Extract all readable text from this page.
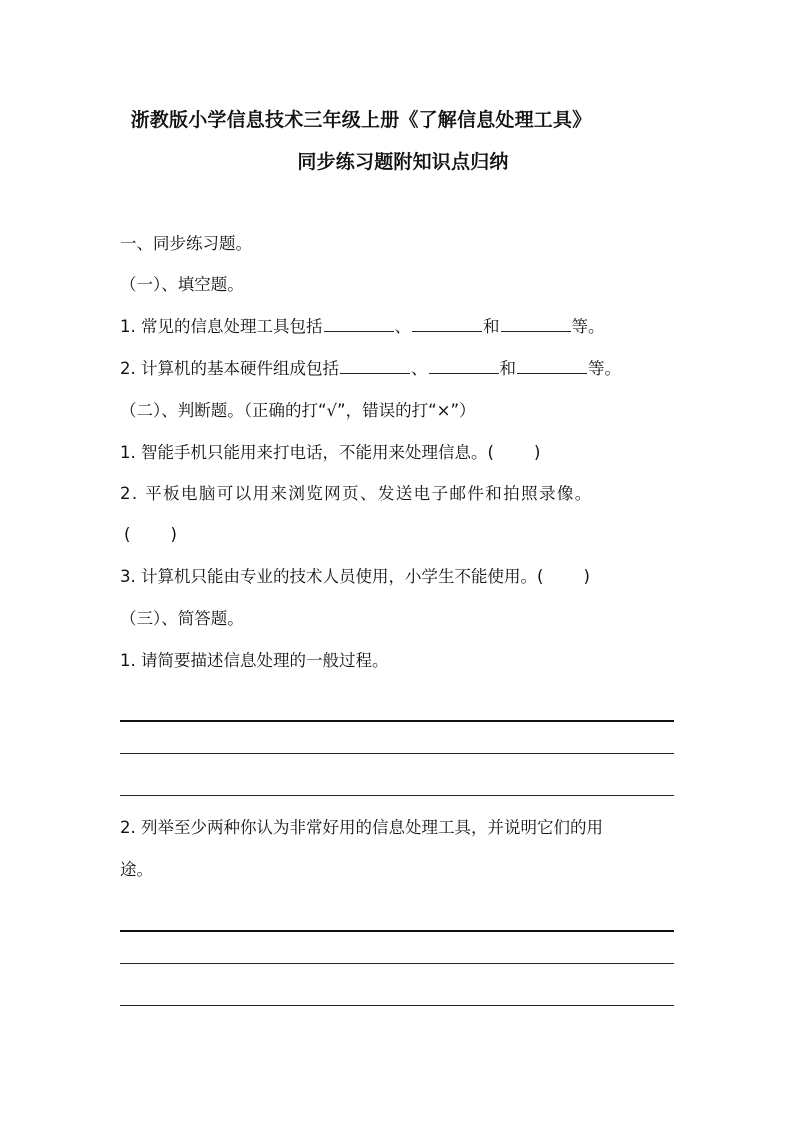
浙教版小学信息技术三年级上册《了解信息处理工具》
同步练习题附知识点归纳
一、同步练习题。
（一）、填空题。
1. 常见的信息处理工具包括	、	和	等。
2. 计算机的基本硬件组成包括	、	和	等。
（二）、判断题。（正确的打“√”，错误的打“×”）
1. 智能手机只能用来打电话，不能用来处理信息。( )
2. 平板电脑可以用来浏览网页、发送电子邮件和拍照录像。
( )
3. 计算机只能由专业的技术人员使用，小学生不能使用。( )
（三）、简答题。
1. 请简要描述信息处理的一般过程。
2. 列举至少两种你认为非常好用的信息处理工具，并说明它们的用
途。
